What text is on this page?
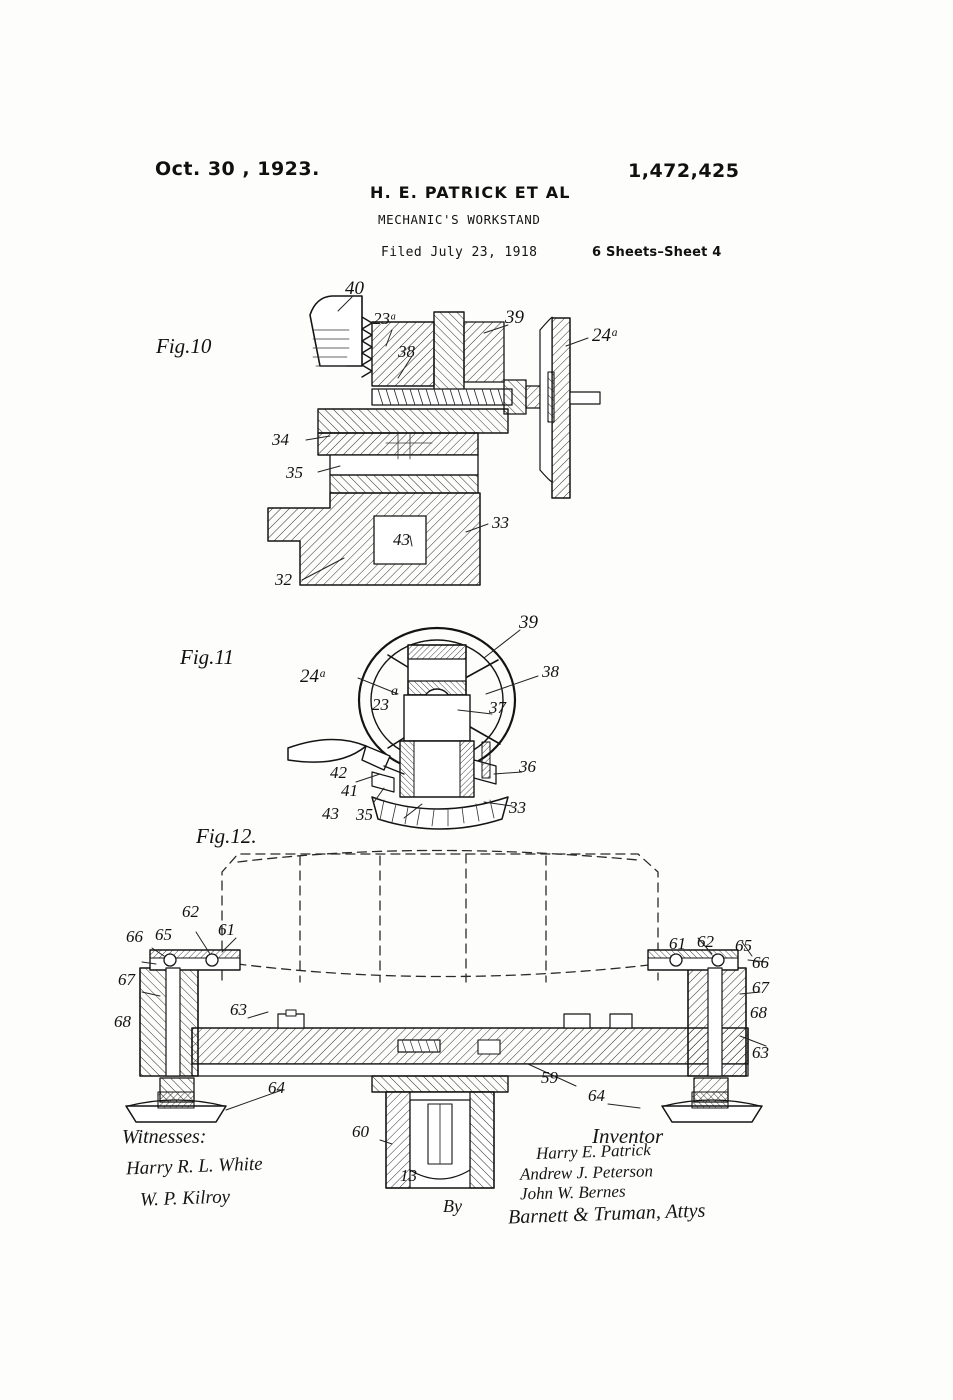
Oct. 30 , 1923.	1,472,425
H. E. PATRICK ET AL
MECHANIC'S WORKSTAND
Filed July 23, 1918	6 Sheets–Sheet 4
Fig.10
40
23ᵃ	39
24ᵃ
38
34
35
33
43
32
Fig.11
39
24ᵃ	38
a
23	37
42	36
41
43 35	33
Fig.12.
62
61
66 65
67
68
63
64
60
13
59
64
61 62 65
66
67
68
63
Witnesses:
Harry R. L. White
W. P. Kilroy
Inventor
Harry E. Patrick
Andrew J. Peterson
John W. Bernes
By Barnett & Truman, Attys
